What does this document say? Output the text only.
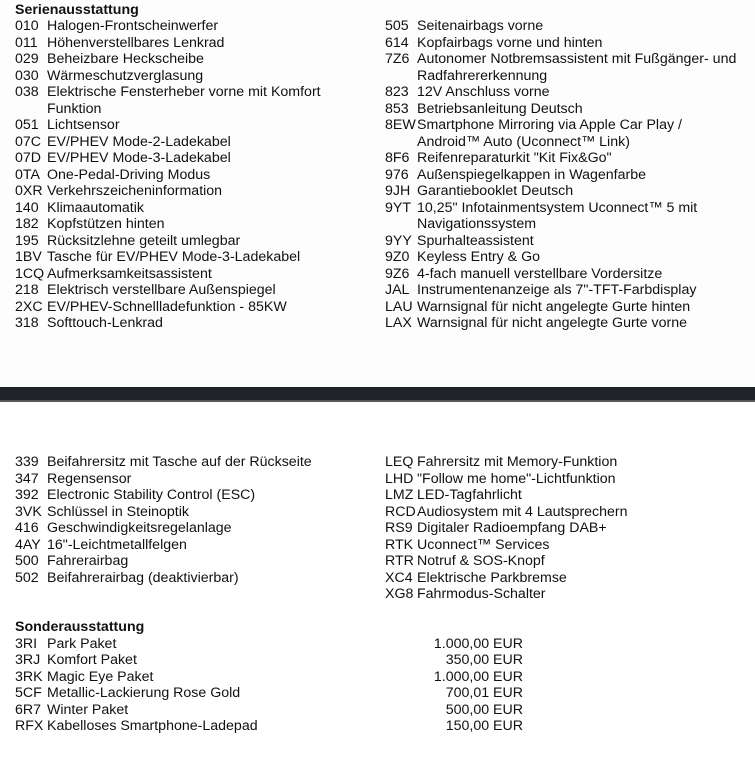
Serienausstattung
010 Halogen-Frontscheinwerfer
011 Höhenverstellbares Lenkrad
029 Beheizbare Heckscheibe
030 Wärmeschutzverglasung
038 Elektrische Fensterheber vorne mit Komfort Funktion
051 Lichtsensor
07C EV/PHEV Mode-2-Ladekabel
07D EV/PHEV Mode-3-Ladekabel
0TA One-Pedal-Driving Modus
0XR Verkehrszeicheninformation
140 Klimaautomatik
182 Kopfstützen hinten
195 Rücksitzlehne geteilt umlegbar
1BV Tasche für EV/PHEV Mode-3-Ladekabel
1CQ Aufmerksamkeitsassistent
218 Elektrisch verstellbare Außenspiegel
2XC EV/PHEV-Schnellladefunktion - 85KW
318 Softtouch-Lenkrad
505 Seitenairbags vorne
614 Kopfairbags vorne und hinten
7Z6 Autonomer Notbremsassistent mit Fußgänger- und Radfahrererkennung
823 12V Anschluss vorne
853 Betriebsanleitung Deutsch
8EW Smartphone Mirroring via Apple Car Play / Android™ Auto (Uconnect™ Link)
8F6 Reifenreparaturkit "Kit Fix&Go"
976 Außenspiegelkappen in Wagenfarbe
9JH Garantiebooklet Deutsch
9YT 10,25" Infotainmentsystem Uconnect™ 5 mit Navigationssystem
9YY Spurhalteassistent
9Z0 Keyless Entry & Go
9Z6 4-fach manuell verstellbare Vordersitze
JAL Instrumentenanzeige als 7"-TFT-Farbdisplay
LAU Warnsignal für nicht angelegte Gurte hinten
LAX Warnsignal für nicht angelegte Gurte vorne
339 Beifahrersitz mit Tasche auf der Rückseite
347 Regensensor
392 Electronic Stability Control (ESC)
3VK Schlüssel in Steinoptik
416 Geschwindigkeitsregelanlage
4AY 16"-Leichtmetallfelgen
500 Fahrerairbag
502 Beifahrerairbag (deaktivierbar)
LEQ Fahrersitz mit Memory-Funktion
LHD "Follow me home"-Lichtfunktion
LMZ LED-Tagfahrlicht
RCD Audiosystem mit 4 Lautsprechern
RS9 Digitaler Radioempfang DAB+
RTK Uconnect™ Services
RTR Notruf & SOS-Knopf
XC4 Elektrische Parkbremse
XG8 Fahrmodus-Schalter
Sonderausstattung
3RI Park Paket	1.000,00 EUR
3RJ Komfort Paket	350,00 EUR
3RK Magic Eye Paket	1.000,00 EUR
5CF Metallic-Lackierung Rose Gold	700,01 EUR
6R7 Winter Paket	500,00 EUR
RFX Kabelloses Smartphone-Ladepad	150,00 EUR
